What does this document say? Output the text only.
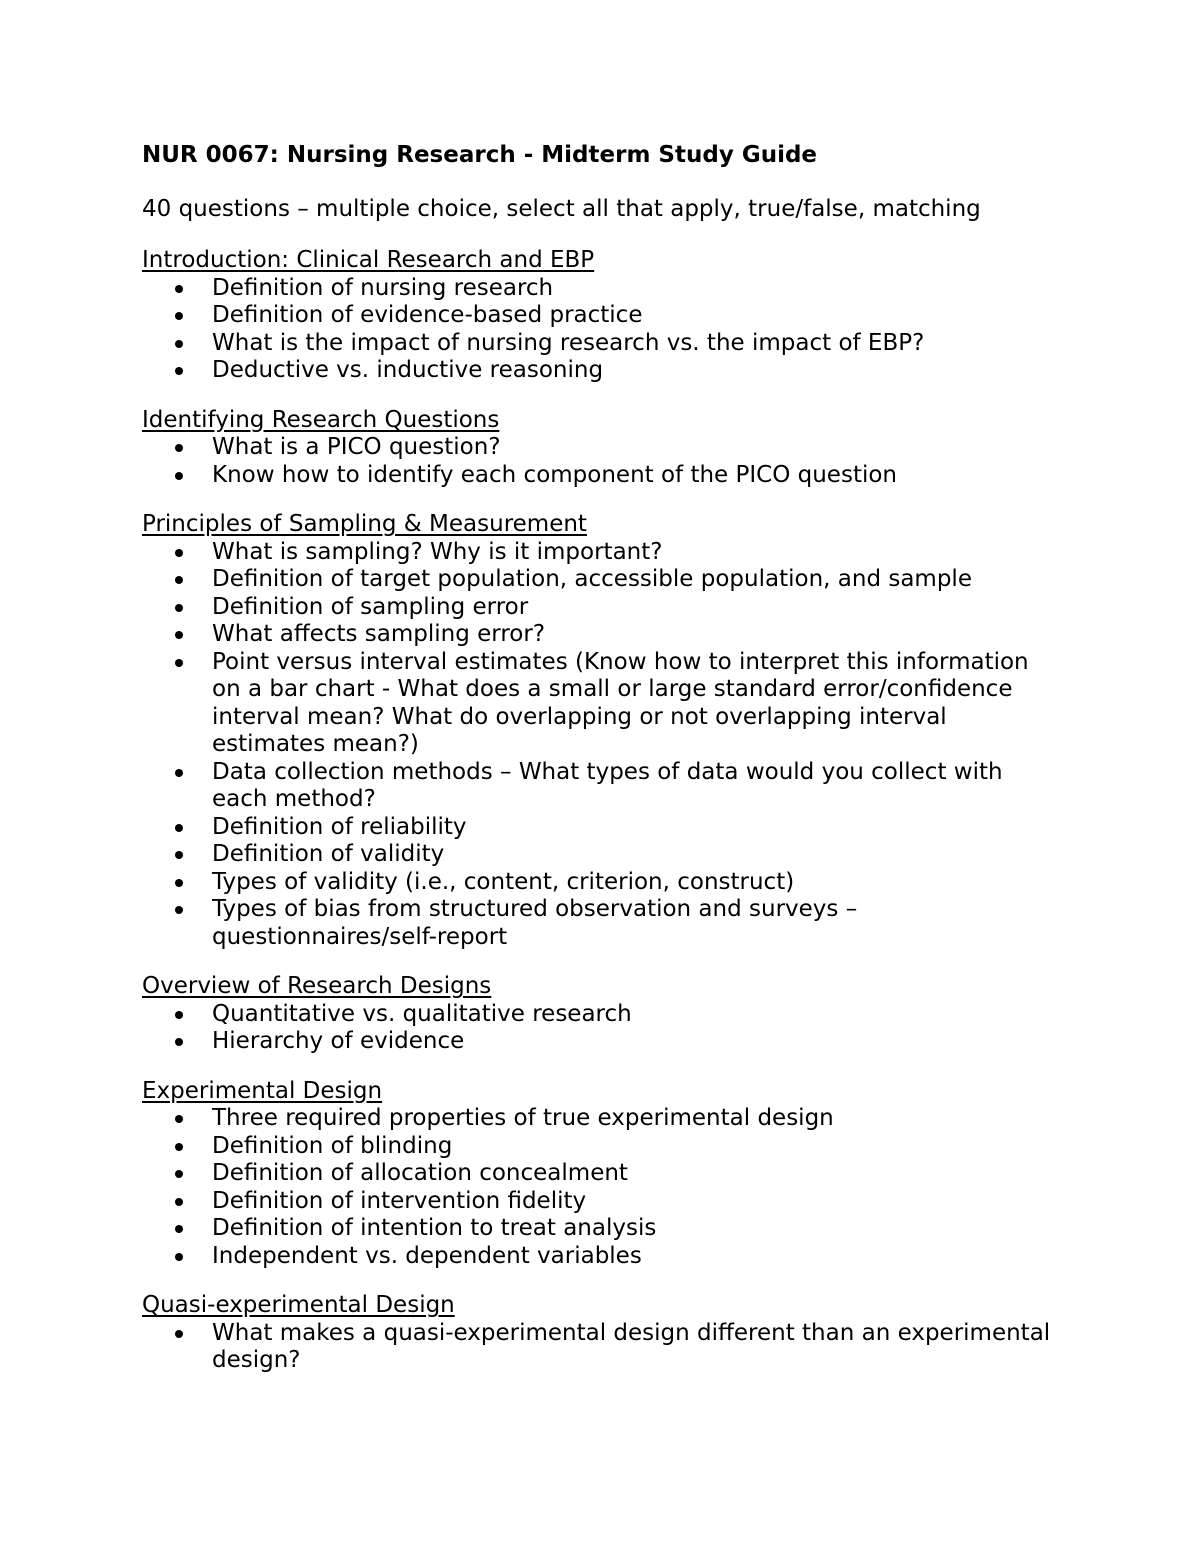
NUR 0067: Nursing Research - Midterm Study Guide

40 questions – multiple choice, select all that apply, true/false, matching

Introduction: Clinical Research and EBP

Definition of nursing research
Definition of evidence-based practice
What is the impact of nursing research vs. the impact of EBP?
Deductive vs. inductive reasoning

Identifying Research Questions

What is a PICO question?
Know how to identify each component of the PICO question

Principles of Sampling & Measurement

What is sampling? Why is it important?
Definition of target population, accessible population, and sample
Definition of sampling error
What affects sampling error?
Point versus interval estimates (Know how to interpret this information on a bar chart - What does a small or large standard error/confidence interval mean? What do overlapping or not overlapping interval estimates mean?)
Data collection methods – What types of data would you collect with each method?
Definition of reliability
Definition of validity
Types of validity (i.e., content, criterion, construct)
Types of bias from structured observation and surveys – questionnaires/self-report

Overview of Research Designs

Quantitative vs. qualitative research
Hierarchy of evidence

Experimental Design

Three required properties of true experimental design
Definition of blinding
Definition of allocation concealment
Definition of intervention fidelity
Definition of intention to treat analysis
Independent vs. dependent variables

Quasi-experimental Design

What makes a quasi-experimental design different than an experimental design?
